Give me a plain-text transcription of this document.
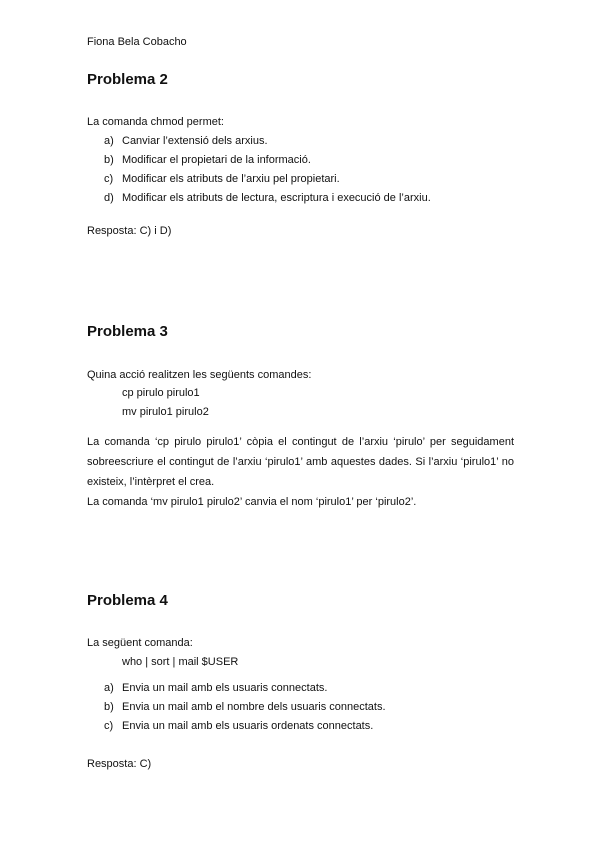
Fiona Bela Cobacho
Problema 2
La comanda chmod permet:
a) Canviar l’extensió dels arxius.
b) Modificar el propietari de la informació.
c) Modificar els atributs de l’arxiu pel propietari.
d) Modificar els atributs de lectura, escriptura i execució de l’arxiu.
Resposta: C) i D)
Problema 3
Quina acció realitzen les següents comandes:
cp pirulo pirulo1
mv pirulo1 pirulo2
La comanda ‘cp pirulo pirulo1’ còpia el contingut de l’arxiu ‘pirulo’ per seguidament sobreescriure el contingut de l’arxiu ‘pirulo1’ amb aquestes dades. Si l’arxiu ‘pirulo1’ no existeix, l’intèrpret el crea.
La comanda ‘mv pirulo1 pirulo2’ canvia el nom ‘pirulo1’ per ‘pirulo2’.
Problema 4
La següent comanda:
who | sort | mail $USER
a) Envia un mail amb els usuaris connectats.
b) Envia un mail amb el nombre dels usuaris connectats.
c) Envia un mail amb els usuaris ordenats connectats.
Resposta: C)
